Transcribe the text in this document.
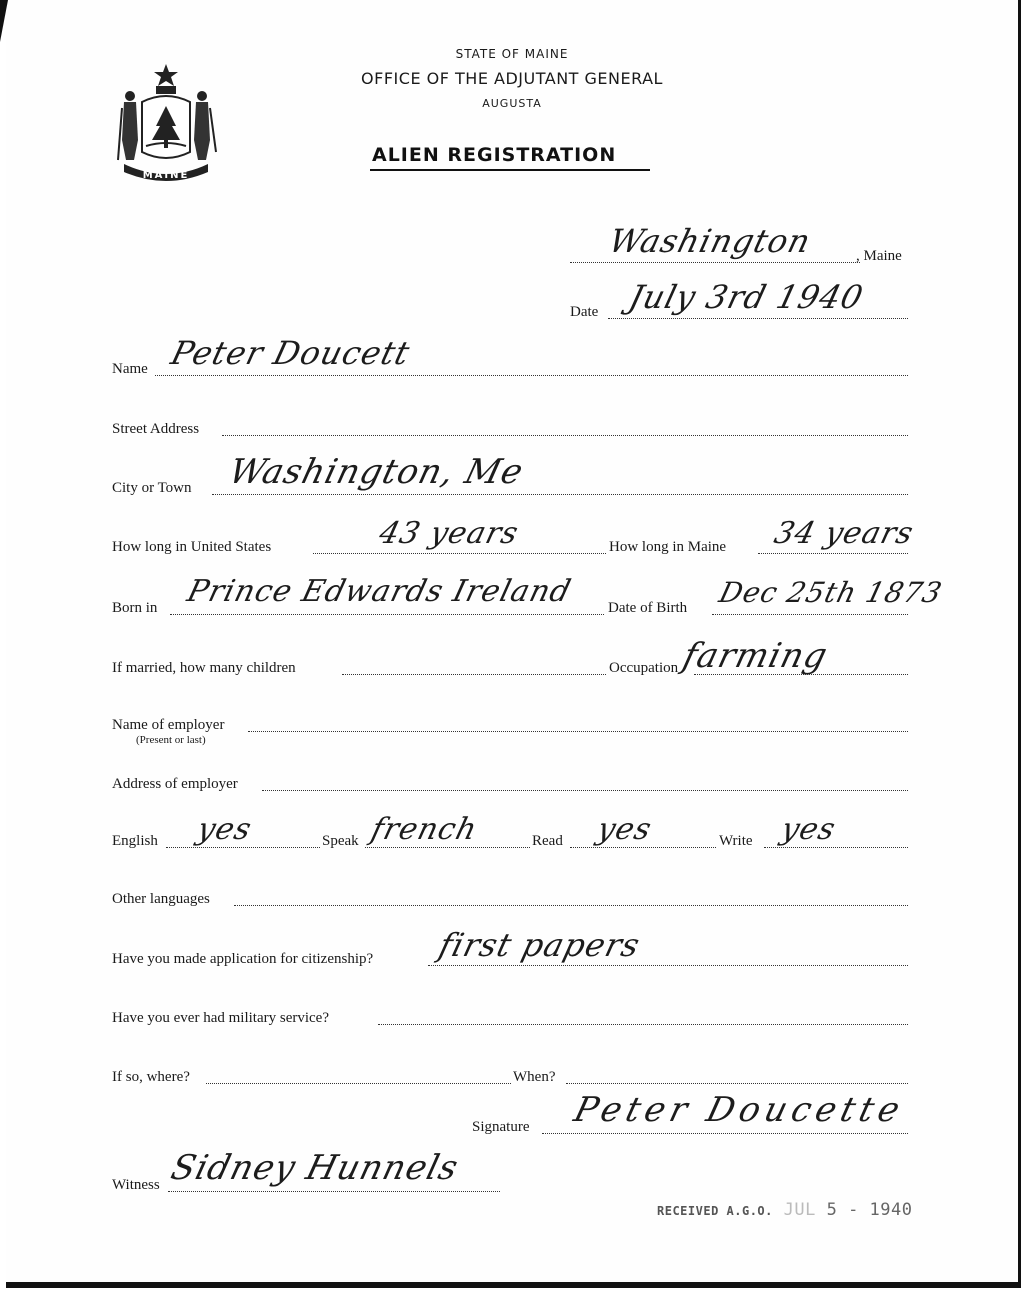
MAINE
STATE OF MAINE
OFFICE OF THE ADJUTANT GENERAL
AUGUSTA
ALIEN REGISTRATION
Washington	, Maine
Date July 3rd 1940
Name Peter Doucett
Street Address
City or Town Washington, Me
How long in United States	43 years	How long in Maine 34 years
Born in Prince Edwards Ireland Date of Birth Dec 25th 1873
If married, how many children	Occupation farming
Name of employer
(Present or last)
Address of employer
English yes	Speak french	Read yes	Write yes
Other languages
Have you made application for citizenship? first papers
Have you ever had military service?
If so, where?	When?
Signature Peter Doucette
Witness Sidney Hunnels
RECEIVED A.G.O. JUL 5 - 1940
